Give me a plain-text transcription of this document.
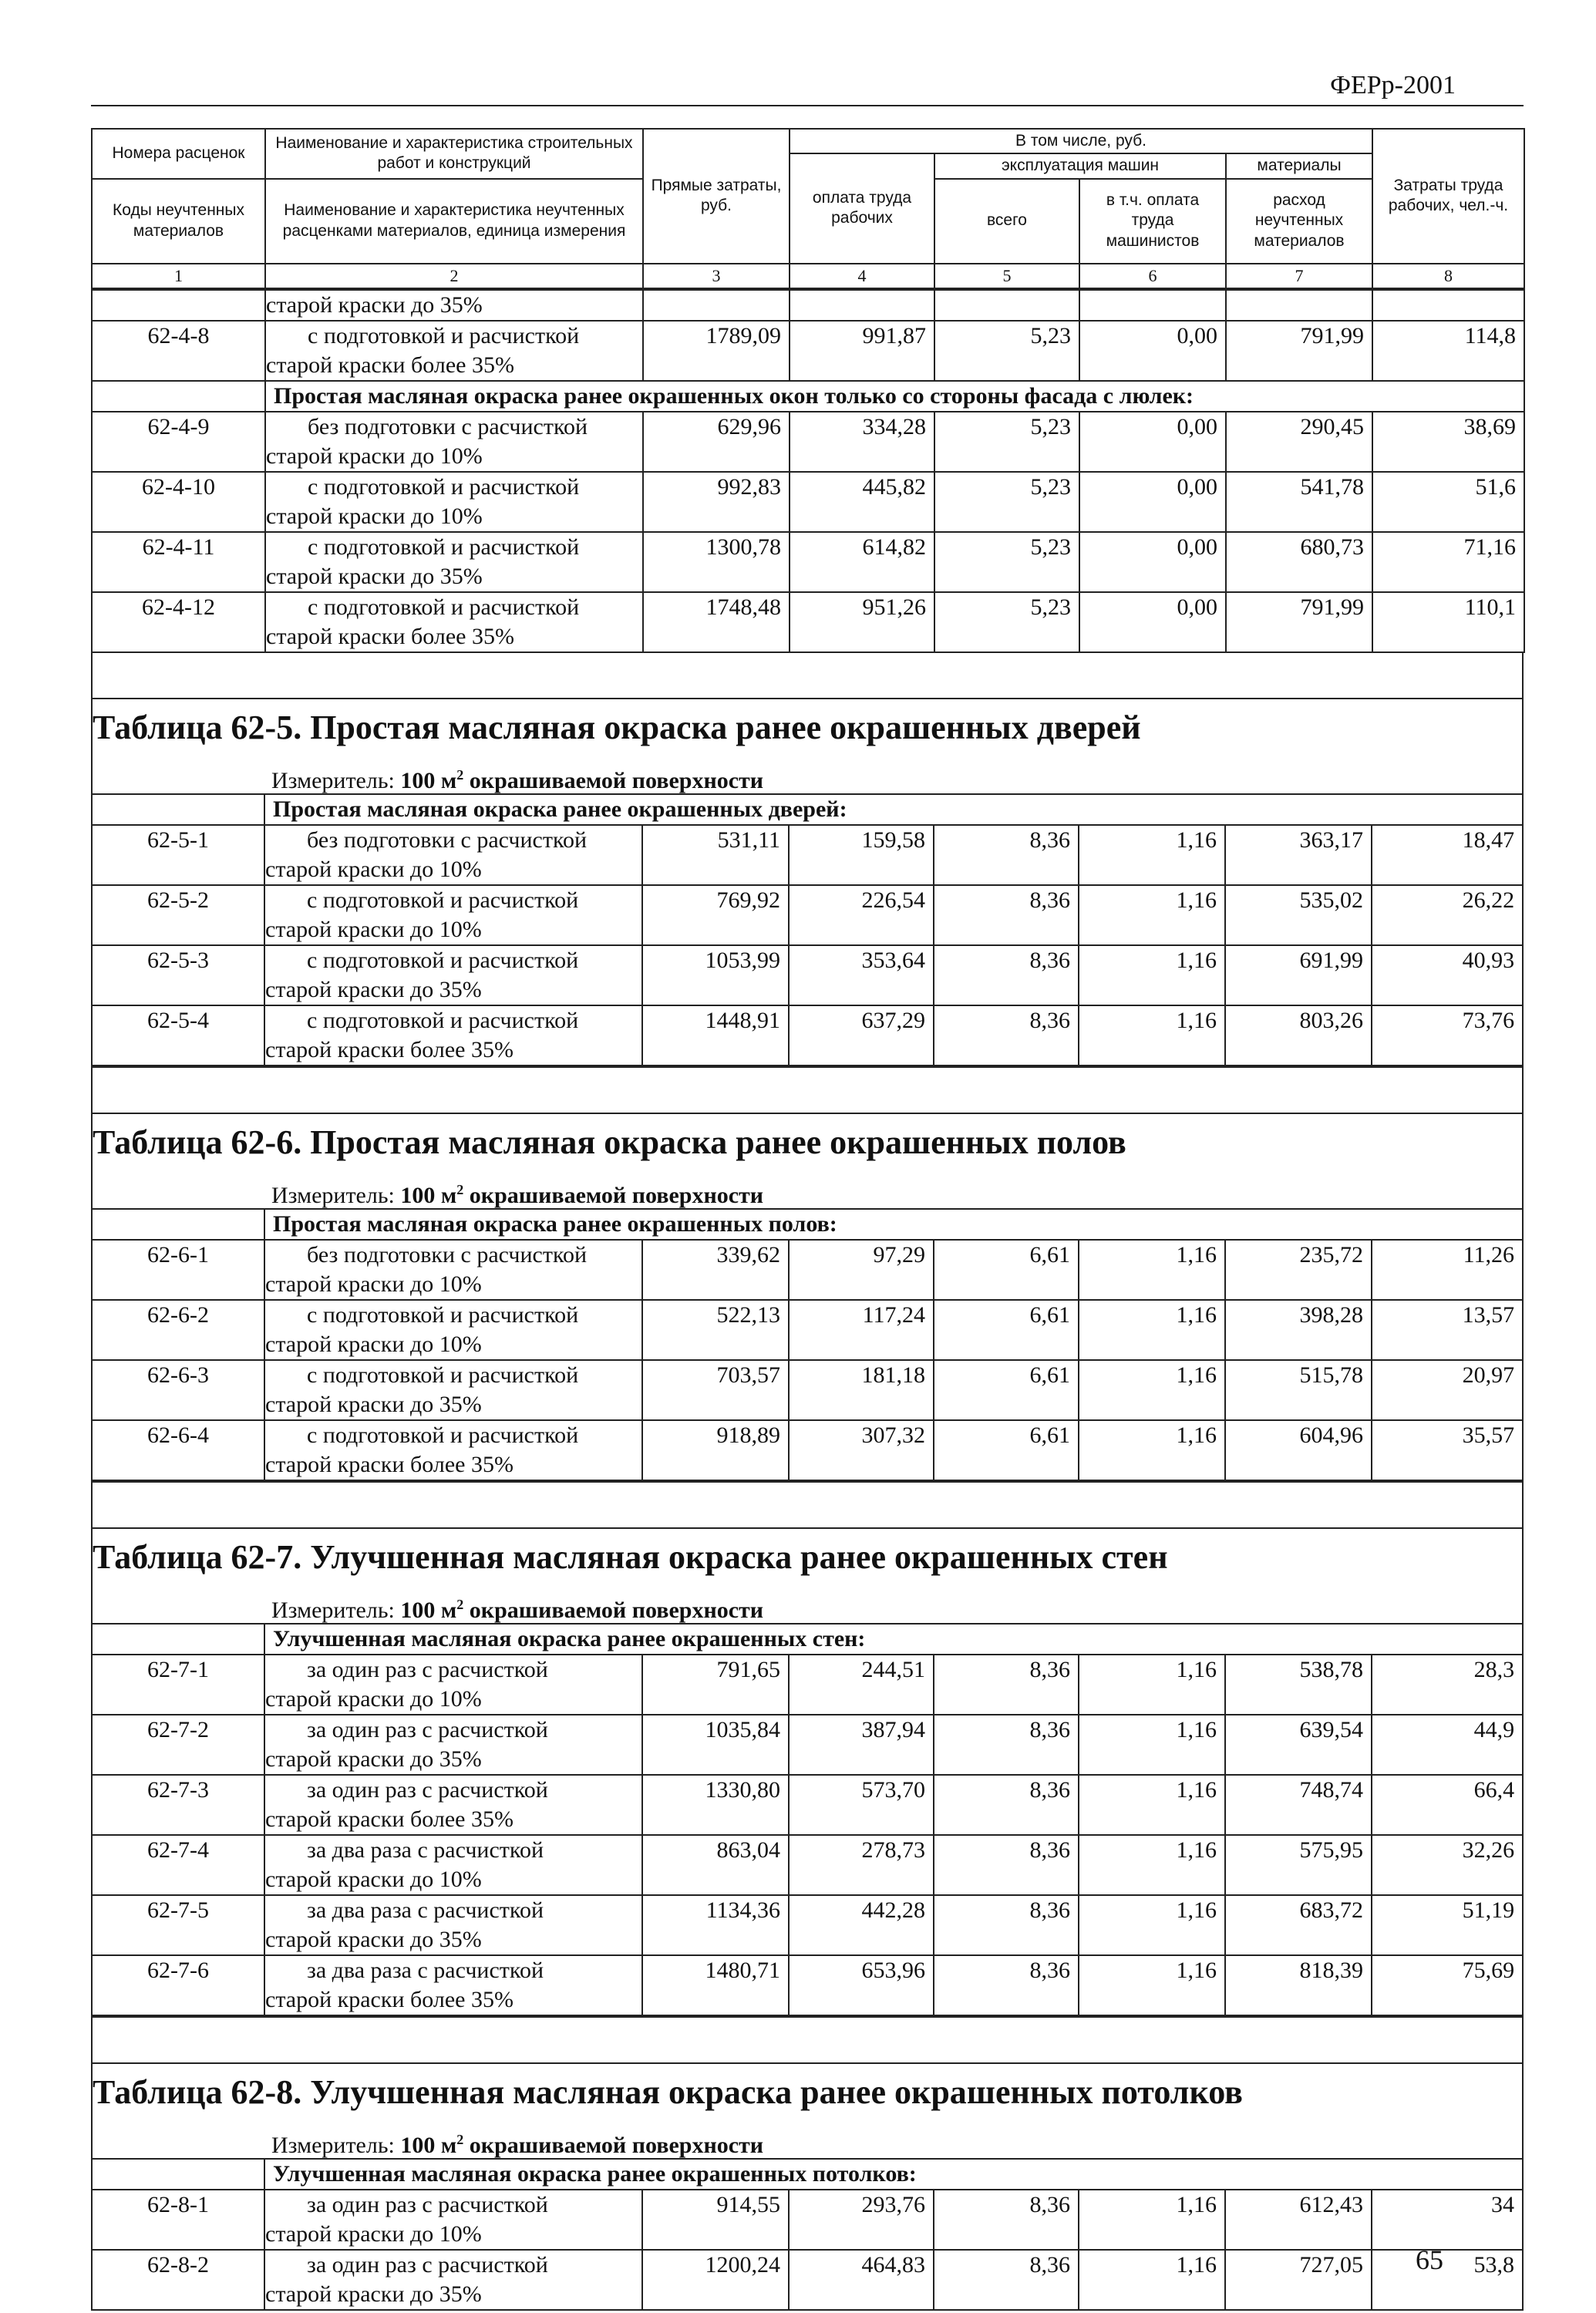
ФЕРр-2001
Номера расценок	Наименование и характеристика строительных работ и конструкций	Прямые затраты, руб.	В том числе, руб.				Затраты труда рабочих, чел.-ч.
			оплата труда рабочих	эксплуатация машин		материалы	
Коды неучтенных материалов	Наименование и характеристика неучтенных расценками материалов, единица измерения			всего	в т.ч. оплата труда машинистов	расход неучтенных материалов	

1	2	3	4	5	6	7	8
	старой краски до 35%						
62-4-8	с подготовкой и расчисткой
старой краски более 35%	1789,09	991,87	5,23	0,00	791,99	114,8
	Простая масляная окраска ранее окрашенных окон только со стороны фасада с люлек:						
62-4-9	без подготовки с расчисткой
старой краски до 10%	629,96	334,28	5,23	0,00	290,45	38,69
62-4-10	с подготовкой и расчисткой
старой краски до 10%	992,83	445,82	5,23	0,00	541,78	51,6
62-4-11	с подготовкой и расчисткой
старой краски до 35%	1300,78	614,82	5,23	0,00	680,73	71,16
62-4-12	с подготовкой и расчисткой
старой краски более 35%	1748,48	951,26	5,23	0,00	791,99	110,1
Таблица 62-5. Простая масляная окраска ранее окрашенных дверей
Измеритель: 100 $м^2$ окрашиваемой поверхности
	Простая масляная окраска ранее окрашенных дверей:						
62-5-1	без подготовки с расчисткой
старой краски до 10%	531,11	159,58	8,36	1,16	363,17	18,47
62-5-2	с подготовкой и расчисткой
старой краски до 10%	769,92	226,54	8,36	1,16	535,02	26,22
62-5-3	с подготовкой и расчисткой
старой краски до 35%	1053,99	353,64	8,36	1,16	691,99	40,93
62-5-4	с подготовкой и расчисткой
старой краски более 35%	1448,91	637,29	8,36	1,16	803,26	73,76
Таблица 62-6. Простая масляная окраска ранее окрашенных полов
Измеритель: 100 $м^2$ окрашиваемой поверхности
	Простая масляная окраска ранее окрашенных полов:						
62-6-1	без подготовки с расчисткой
старой краски до 10%	339,62	97,29	6,61	1,16	235,72	11,26
62-6-2	с подготовкой и расчисткой
старой краски до 10%	522,13	117,24	6,61	1,16	398,28	13,57
62-6-3	с подготовкой и расчисткой
старой краски до 35%	703,57	181,18	6,61	1,16	515,78	20,97
62-6-4	с подготовкой и расчисткой
старой краски более 35%	918,89	307,32	6,61	1,16	604,96	35,57
Таблица 62-7. Улучшенная масляная окраска ранее окрашенных стен
Измеритель: 100 $м^2$ окрашиваемой поверхности
	Улучшенная масляная окраска ранее окрашенных стен:						
62-7-1	за один раз с расчисткой
старой краски до 10%	791,65	244,51	8,36	1,16	538,78	28,3
62-7-2	за один раз с расчисткой
старой краски до 35%	1035,84	387,94	8,36	1,16	639,54	44,9
62-7-3	за один раз с расчисткой
старой краски более 35%	1330,80	573,70	8,36	1,16	748,74	66,4
62-7-4	за два раза с расчисткой
старой краски до 10%	863,04	278,73	8,36	1,16	575,95	32,26
62-7-5	за два раза с расчисткой
старой краски до 35%	1134,36	442,28	8,36	1,16	683,72	51,19
62-7-6	за два раза с расчисткой
старой краски более 35%	1480,71	653,96	8,36	1,16	818,39	75,69
Таблица 62-8. Улучшенная масляная окраска ранее окрашенных потолков
Измеритель: 100 $м^2$ окрашиваемой поверхности
	Улучшенная масляная окраска ранее окрашенных потолков:						
62-8-1	за один раз с расчисткой
старой краски до 10%	914,55	293,76	8,36	1,16	612,43	34
62-8-2	за один раз с расчисткой
старой краски до 35%	1200,24	464,83	8,36	1,16	727,05	53,8
65
